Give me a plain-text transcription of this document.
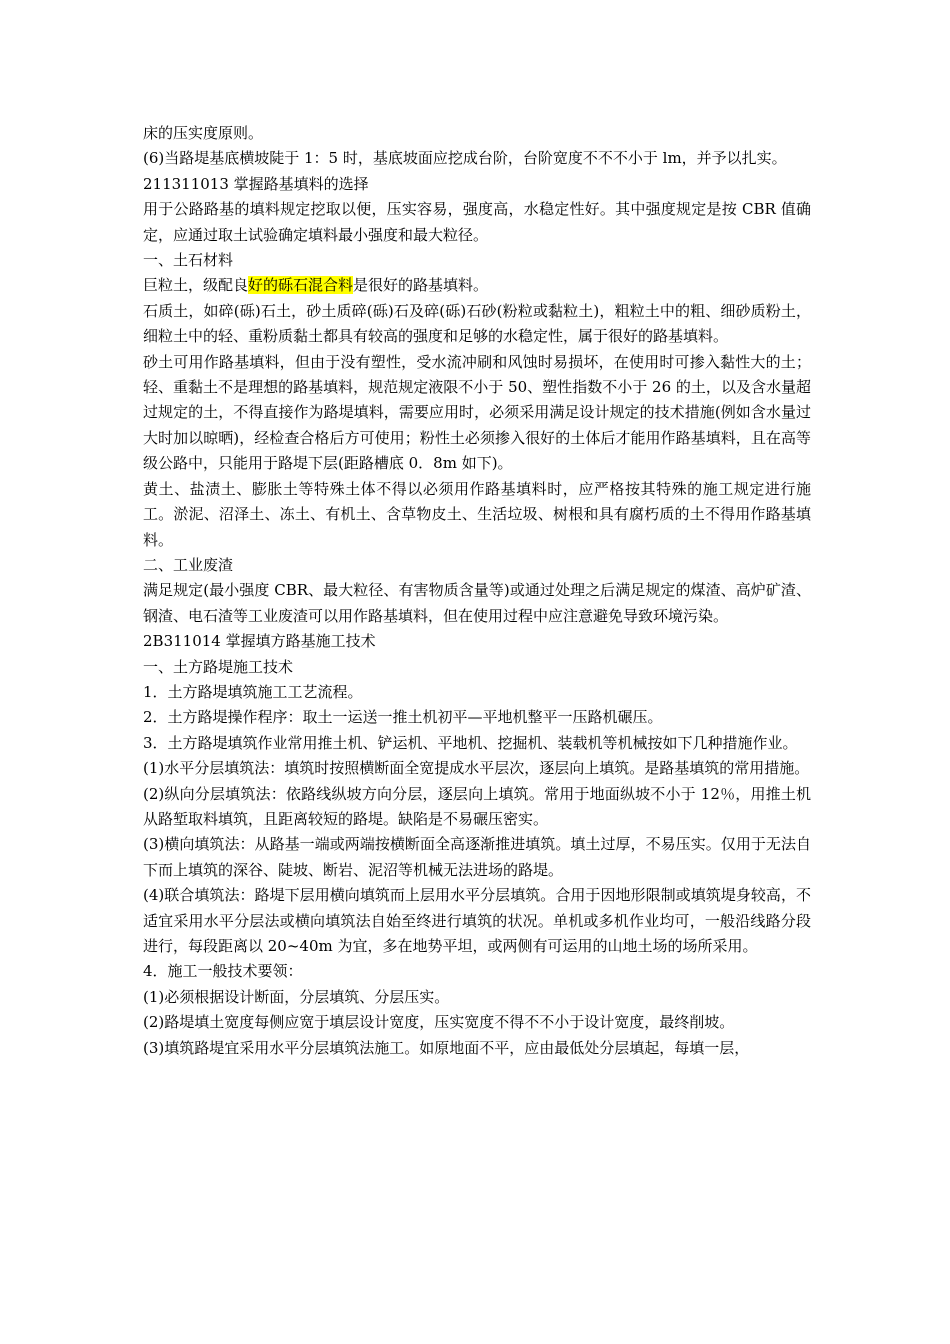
床的压实度原则。

(6)当路堤基底横坡陡于 1：5 时，基底坡面应挖成台阶，台阶宽度不不不小于 lm，并予以扎实。

211311013 掌握路基填料的选择

用于公路路基的填料规定挖取以便，压实容易，强度高，水稳定性好。其中强度规定是按 CBR 值确定，应通过取土试验确定填料最小强度和最大粒径。

一、土石材料

巨粒土，级配良好的砾石混合料是很好的路基填料。

石质土，如碎(砾)石土，砂土质碎(砾)石及碎(砾)石砂(粉粒或黏粒土)，粗粒土中的粗、细砂质粉土，细粒土中的轻、重粉质黏土都具有较高的强度和足够的水稳定性，属于很好的路基填料。

砂土可用作路基填料，但由于没有塑性，受水流冲刷和风蚀时易损坏，在使用时可掺入黏性大的土；轻、重黏土不是理想的路基填料，规范规定液限不小于 50、塑性指数不小于 26 的土，以及含水量超过规定的土，不得直接作为路堤填料，需要应用时，必须采用满足设计规定的技术措施(例如含水量过大时加以晾晒)，经检查合格后方可使用；粉性土必须掺入很好的土体后才能用作路基填料，且在高等级公路中，只能用于路堤下层(距路槽底 0．8m 如下)。

黄土、盐渍土、膨胀土等特殊土体不得以必须用作路基填料时，应严格按其特殊的施工规定进行施工。淤泥、沼泽土、冻土、有机土、含草物皮土、生活垃圾、树根和具有腐朽质的土不得用作路基填料。

二、工业废渣

满足规定(最小强度 CBR、最大粒径、有害物质含量等)或通过处理之后满足规定的煤渣、高炉矿渣、钢渣、电石渣等工业废渣可以用作路基填料，但在使用过程中应注意避免导致环境污染。

2B311014 掌握填方路基施工技术

一、土方路堤施工技术

1．土方路堤填筑施工工艺流程。

2．土方路堤操作程序：取土一运送一推土机初平—平地机整平一压路机碾压。

3．土方路堤填筑作业常用推土机、铲运机、平地机、挖掘机、装载机等机械按如下几种措施作业。

(1)水平分层填筑法：填筑时按照横断面全宽提成水平层次，逐层向上填筑。是路基填筑的常用措施。

(2)纵向分层填筑法：依路线纵坡方向分层，逐层向上填筑。常用于地面纵坡不小于 12％，用推土机从路堑取料填筑，且距离较短的路堤。缺陷是不易碾压密实。

(3)横向填筑法：从路基一端或两端按横断面全高逐渐推进填筑。填土过厚，不易压实。仅用于无法自下而上填筑的深谷、陡坡、断岩、泥沼等机械无法进场的路堤。

(4)联合填筑法：路堤下层用横向填筑而上层用水平分层填筑。合用于因地形限制或填筑堤身较高，不适宜采用水平分层法或横向填筑法自始至终进行填筑的状况。单机或多机作业均可，一般沿线路分段进行，每段距离以 20~40m 为宜，多在地势平坦，或两侧有可运用的山地土场的场所采用。

4．施工一般技术要领：

(1)必须根据设计断面，分层填筑、分层压实。

(2)路堤填土宽度每侧应宽于填层设计宽度，压实宽度不得不不小于设计宽度，最终削坡。

(3)填筑路堤宜采用水平分层填筑法施工。如原地面不平，应由最低处分层填起，每填一层，
